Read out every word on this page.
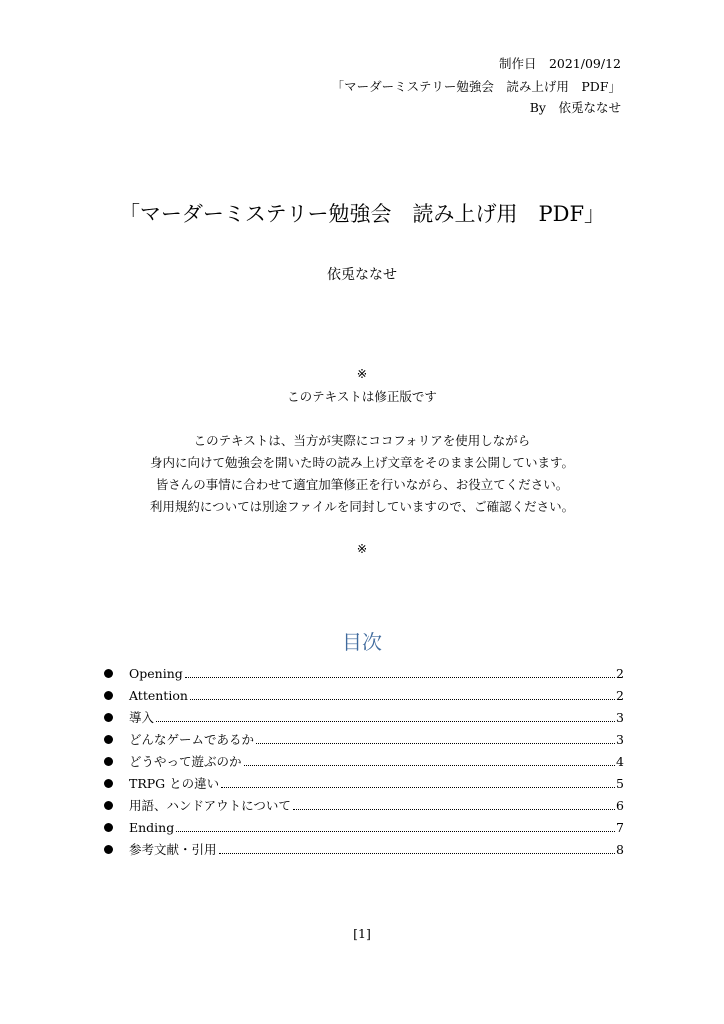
制作日　2021/09/12
「マーダーミステリー勉強会　読み上げ用　PDF」
By　依兎ななせ
「マーダーミステリー勉強会　読み上げ用　PDF」
依兎ななせ
※
このテキストは修正版です
このテキストは、当方が実際にココフォリアを使用しながら
身内に向けて勉強会を開いた時の読み上げ文章をそのまま公開しています。
皆さんの事情に合わせて適宜加筆修正を行いながら、お役立てください。
利用規約については別途ファイルを同封していますので、ご確認ください。
※
目次
Opening	2
Attention	2
導入	3
どんなゲームであるか	3
どうやって遊ぶのか	4
TRPG との違い	5
用語、ハンドアウトについて	6
Ending	7
参考文献・引用	8
[1]
